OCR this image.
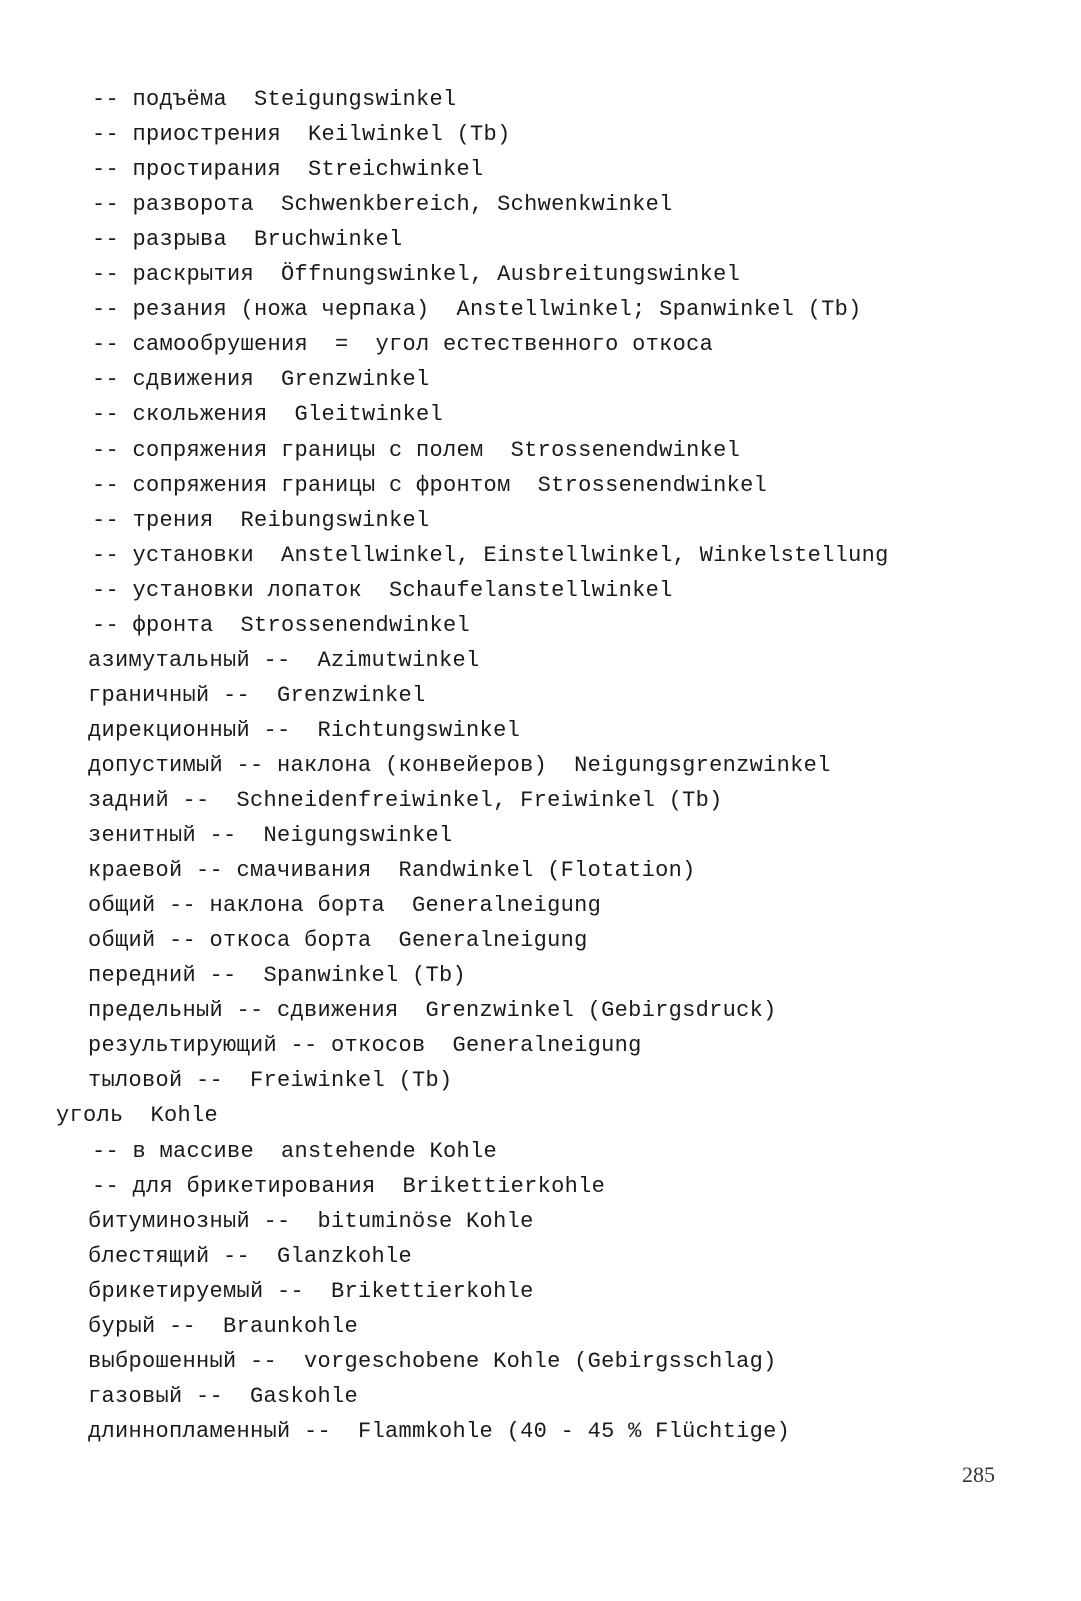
-- подъёма  Steigungswinkel
-- приострения  Keilwinkel (Tb)
-- простирания  Streichwinkel
-- разворота  Schwenkbereich, Schwenkwinkel
-- разрыва  Bruchwinkel
-- раскрытия  Öffnungswinkel, Ausbreitungswinkel
-- резания (ножа черпака)  Anstellwinkel; Spanwinkel (Tb)
-- самообрушения  =  угол естественного откоса
-- сдвижения  Grenzwinkel
-- скольжения  Gleitwinkel
-- сопряжения границы с полем  Strossenendwinkel
-- сопряжения границы с фронтом  Strossenendwinkel
-- трения  Reibungswinkel
-- установки  Anstellwinkel, Einstellwinkel, Winkelstellung
-- установки лопаток  Schaufelanstellwinkel
-- фронта  Strossenendwinkel
азимутальный --  Azimutwinkel
граничный --  Grenzwinkel
дирекционный --  Richtungswinkel
допустимый -- наклона (конвейеров)  Neigungsgrenzwinkel
задний --  Schneidenfreiwinkel, Freiwinkel (Tb)
зенитный --  Neigungswinkel
краевой -- смачивания  Randwinkel (Flotation)
общий -- наклона борта  Generalneigung
общий -- откоса борта  Generalneigung
передний --  Spanwinkel (Tb)
предельный -- сдвижения  Grenzwinkel (Gebirgsdruck)
результирующий -- откосов  Generalneigung
тыловой --  Freiwinkel (Tb)
уголь  Kohle
-- в массиве  anstehende Kohle
-- для брикетирования  Brikettierkohle
битуминозный --  bituminöse Kohle
блестящий --  Glanzkohle
брикетируемый --  Brikettierkohle
бурый --  Braunkohle
выброшенный --  vorgeschobene Kohle (Gebirgsschlag)
газовый --  Gaskohle
длиннопламенный --  Flammkohle (40 - 45 % Flüchtige)
285
